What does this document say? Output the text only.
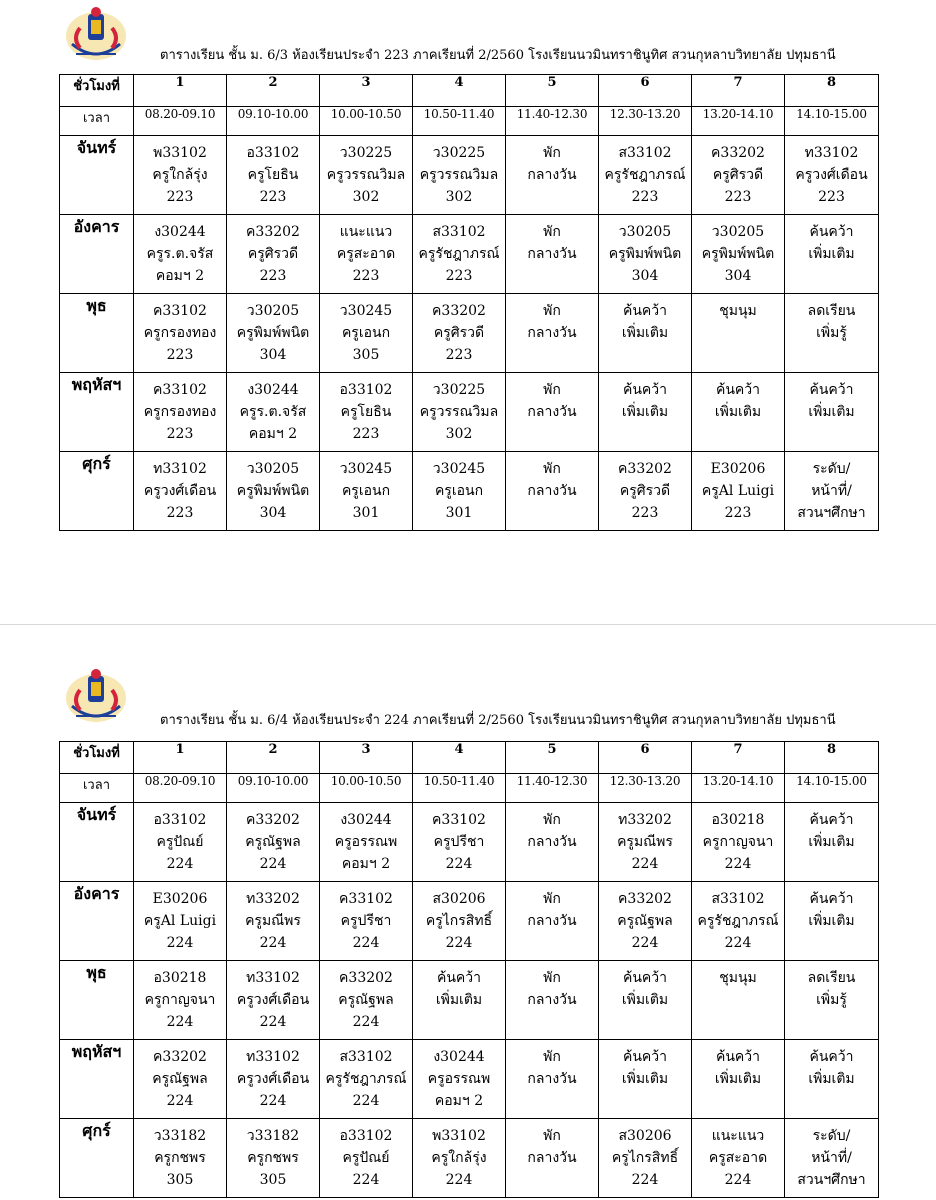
ตารางเรียน ชั้น ม. 6/3 ห้องเรียนประจำ 223 ภาคเรียนที่ 2/2560 โรงเรียนนวมินทราชินูทิศ สวนกุหลาบวิทยาลัย ปทุมธานี
ชั่วโมงที่	1	2	3	4	5	6	7	8
เวลา	08.20-09.10	09.10-10.00	10.00-10.50	10.50-11.40	11.40-12.30	12.30-13.20	13.20-14.10	14.10-15.00
จันทร์	พ33102
ครูใกล้รุ่ง
223	อ33102
ครูโยธิน
223	ว30225
ครูวรรณวิมล
302	ว30225
ครูวรรณวิมล
302	พัก
กลางวัน	ส33102
ครูรัชฎาภรณ์
223	ค33202
ครูศิรวดี
223	ท33102
ครูวงศ์เดือน
223

อังคาร	ง30244
ครูร.ต.จรัส
คอมฯ 2	ค33202
ครูศิรวดี
223	แนะแนว
ครูสะอาด
223	ส33102
ครูรัชฎาภรณ์
223	พัก
กลางวัน	ว30205
ครูพิมพ์พนิต
304	ว30205
ครูพิมพ์พนิต
304	ค้นคว้า
เพิ่มเติม

พุธ	ค33102
ครูกรองทอง
223	ว30205
ครูพิมพ์พนิต
304	ว30245
ครูเอนก
305	ค33202
ครูศิรวดี
223	พัก
กลางวัน	ค้นคว้า
เพิ่มเติม	ชุมนุม	ลดเรียน
เพิ่มรู้

พฤหัสฯ	ค33102
ครูกรองทอง
223	ง30244
ครูร.ต.จรัส
คอมฯ 2	อ33102
ครูโยธิน
223	ว30225
ครูวรรณวิมล
302	พัก
กลางวัน	ค้นคว้า
เพิ่มเติม	ค้นคว้า
เพิ่มเติม	ค้นคว้า
เพิ่มเติม

ศุกร์	ท33102
ครูวงศ์เดือน
223	ว30205
ครูพิมพ์พนิต
304	ว30245
ครูเอนก
301	ว30245
ครูเอนก
301	พัก
กลางวัน	ค33202
ครูศิรวดี
223	E30206
ครูAl Luigi
223	ระดับ/
หน้าที่/
สวนฯศึกษา
ตารางเรียน ชั้น ม. 6/4 ห้องเรียนประจำ 224 ภาคเรียนที่ 2/2560 โรงเรียนนวมินทราชินูทิศ สวนกุหลาบวิทยาลัย ปทุมธานี
ชั่วโมงที่	1	2	3	4	5	6	7	8
เวลา	08.20-09.10	09.10-10.00	10.00-10.50	10.50-11.40	11.40-12.30	12.30-13.20	13.20-14.10	14.10-15.00
จันทร์	อ33102
ครูปัณย์
224	ค33202
ครูณัฐพล
224	ง30244
ครูอรรณพ
คอมฯ 2	ค33102
ครูปรีชา
224	พัก
กลางวัน	ท33202
ครูมณีพร
224	อ30218
ครูกาญจนา
224	ค้นคว้า
เพิ่มเติม

อังคาร	E30206
ครูAl Luigi
224	ท33202
ครูมณีพร
224	ค33102
ครูปรีชา
224	ส30206
ครูไกรสิทธิ์
224	พัก
กลางวัน	ค33202
ครูณัฐพล
224	ส33102
ครูรัชฎาภรณ์
224	ค้นคว้า
เพิ่มเติม

พุธ	อ30218
ครูกาญจนา
224	ท33102
ครูวงศ์เดือน
224	ค33202
ครูณัฐพล
224	ค้นคว้า
เพิ่มเติม	พัก
กลางวัน	ค้นคว้า
เพิ่มเติม	ชุมนุม	ลดเรียน
เพิ่มรู้

พฤหัสฯ	ค33202
ครูณัฐพล
224	ท33102
ครูวงศ์เดือน
224	ส33102
ครูรัชฎาภรณ์
224	ง30244
ครูอรรณพ
คอมฯ 2	พัก
กลางวัน	ค้นคว้า
เพิ่มเติม	ค้นคว้า
เพิ่มเติม	ค้นคว้า
เพิ่มเติม

ศุกร์	ว33182
ครูกชพร
305	ว33182
ครูกชพร
305	อ33102
ครูปัณย์
224	พ33102
ครูใกล้รุ่ง
224	พัก
กลางวัน	ส30206
ครูไกรสิทธิ์
224	แนะแนว
ครูสะอาด
224	ระดับ/
หน้าที่/
สวนฯศึกษา
